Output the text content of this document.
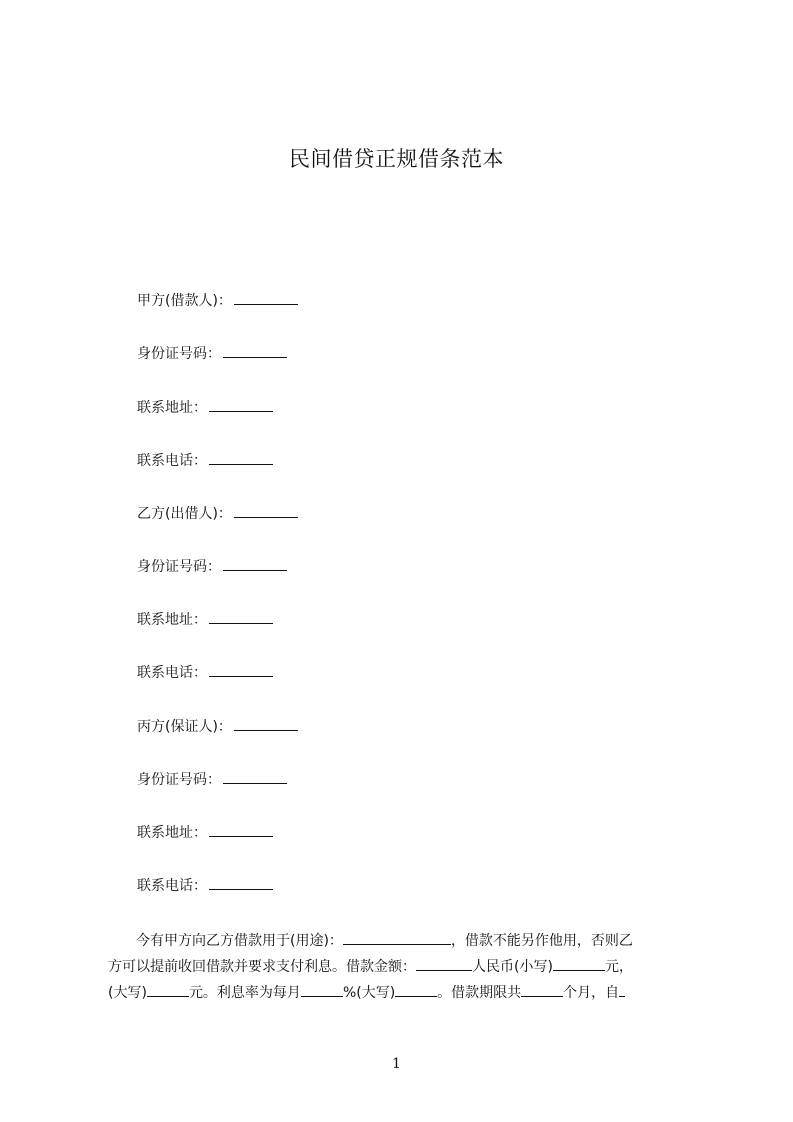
民间借贷正规借条范本
甲方(借款人)：
身份证号码：
联系地址：
联系电话：
乙方(出借人)：
身份证号码：
联系地址：
联系电话：
丙方(保证人)：
身份证号码：
联系地址：
联系电话：
今有甲方向乙方借款用于(用途)：	，借款不能另作他用，否则乙
方可以提前收回借款并要求支付利息。借款金额：	人民币(小写)	元，
(大写)	元。利息率为每月	%(大写)	。借款期限共	个月，自
1
